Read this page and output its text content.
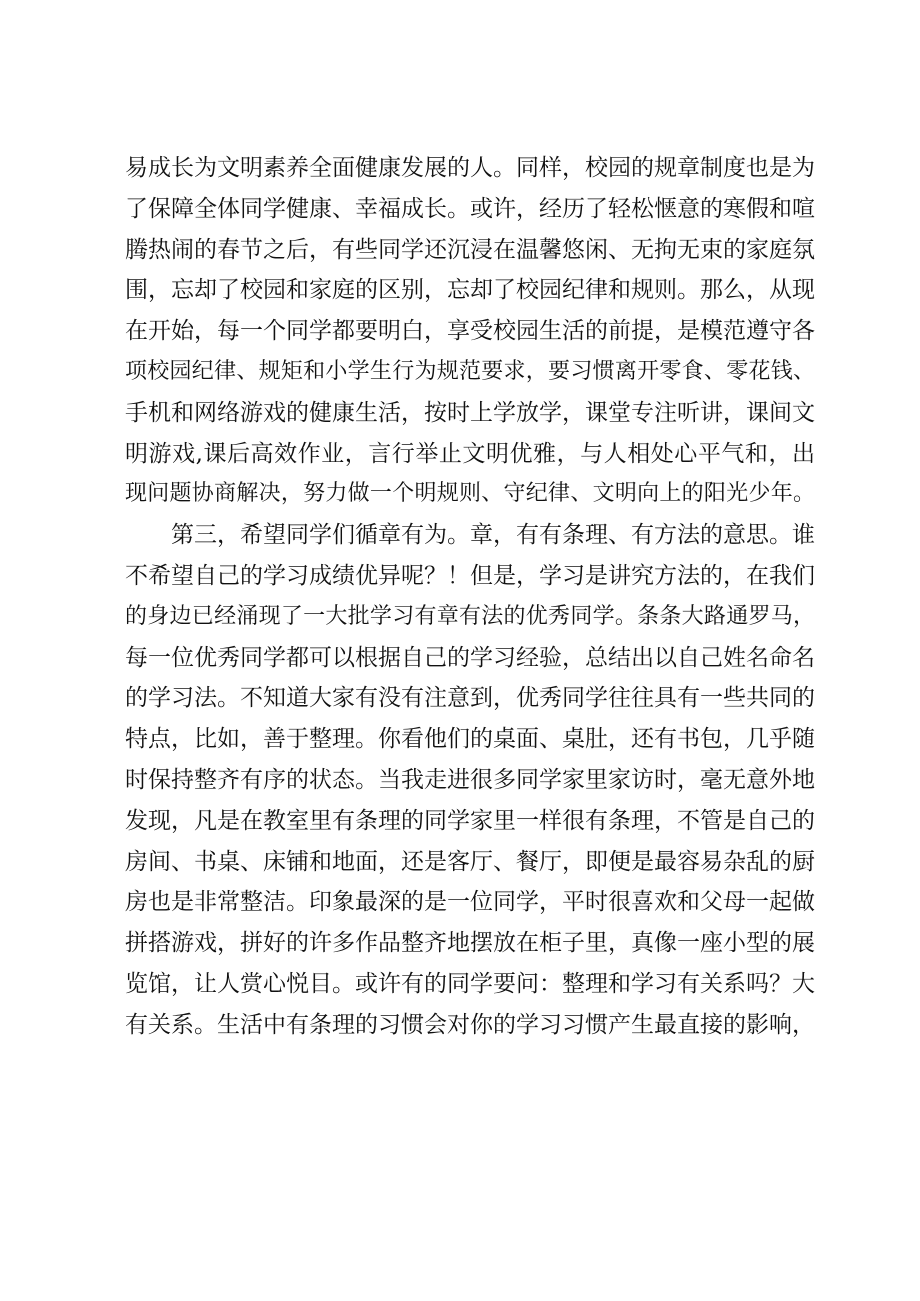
易成长为文明素养全面健康发展的人。同样，校园的规章制度也是为
了保障全体同学健康、幸福成长。或许，经历了轻松惬意的寒假和喧
腾热闹的春节之后，有些同学还沉浸在温馨悠闲、无拘无束的家庭氛
围，忘却了校园和家庭的区别，忘却了校园纪律和规则。那么，从现
在开始，每一个同学都要明白，享受校园生活的前提，是模范遵守各
项校园纪律、规矩和小学生行为规范要求，要习惯离开零食、零花钱、
手机和网络游戏的健康生活，按时上学放学，课堂专注听讲，课间文
明游戏,课后高效作业，言行举止文明优雅，与人相处心平气和，出
现问题协商解决，努力做一个明规则、守纪律、文明向上的阳光少年。
第三，希望同学们循章有为。章，有有条理、有方法的意思。谁
不希望自己的学习成绩优异呢？！但是，学习是讲究方法的，在我们
的身边已经涌现了一大批学习有章有法的优秀同学。条条大路通罗马，
每一位优秀同学都可以根据自己的学习经验，总结出以自己姓名命名
的学习法。不知道大家有没有注意到，优秀同学往往具有一些共同的
特点，比如，善于整理。你看他们的桌面、桌肚，还有书包，几乎随
时保持整齐有序的状态。当我走进很多同学家里家访时，毫无意外地
发现，凡是在教室里有条理的同学家里一样很有条理，不管是自己的
房间、书桌、床铺和地面，还是客厅、餐厅，即便是最容易杂乱的厨
房也是非常整洁。印象最深的是一位同学，平时很喜欢和父母一起做
拼搭游戏，拼好的许多作品整齐地摆放在柜子里，真像一座小型的展
览馆，让人赏心悦目。或许有的同学要问：整理和学习有关系吗？大
有关系。生活中有条理的习惯会对你的学习习惯产生最直接的影响，
